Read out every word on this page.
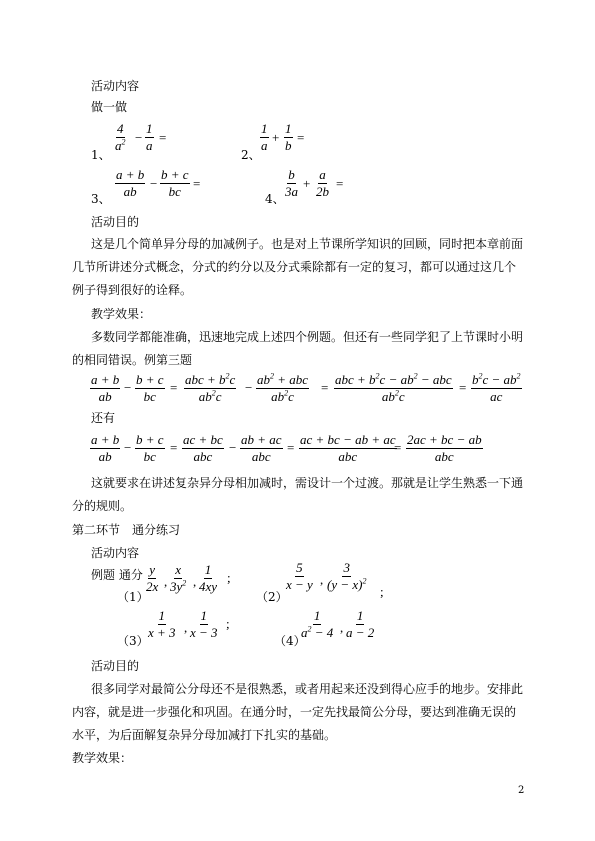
活动内容
做一做
1、
$\frac{4}{a^2} - \frac{1}{a}$ =
2、
$\frac{1}{a} + \frac{1}{b}$ =
3、 $\frac{a + b}{ab} - \frac{b + c}{bc}$ =
4、 $\frac{b}{3a} + \frac{a}{2b}$ =
活动目的
这是几个简单异分母的加减例子。也是对上节课所学知识的回顾，同时把本章前面
几节所讲述分式概念，分式的约分以及分式乘除都有一定的复习，都可以通过这几个
例子得到很好的诠释。
教学效果：
多数同学都能准确，迅速地完成上述四个例题。但还有一些同学犯了上节课时小明
的相同错误。例第三题
$\frac{a + b}{ab} - \frac{b + c}{bc}$ =
abc + $b^2c$
$ab^2c$
−
$ab^2$ + abc
$ab^2c$
=
abc + $b^2c - ab^2$ − abc
$ab^2c$
= $\frac{b^2c - ab^2}{ac}$
还有
$\frac{a + b}{ab} - \frac{b + c}{bc}$ =
ac + bc
abc
−
ab + ac
abc
=
ac + bc − ab + ac
abc
=
2ac + bc − ab
abc
这就要求在讲述复杂异分母相加减时，需设计一个过渡。那就是让学生熟悉一下通
分的规则。
第二环节　通分练习
活动内容
例题 通分
（1）
$\frac{y}{2x}$ , $\frac{x}{3y^2}$ , $\frac{1}{4xy}$ ;
（2）
$\frac{5}{x - y}$ , $\frac{3}{(y - x)^2}$ ;
（3）
$\frac{1}{x + 3}$ , $\frac{1}{x - 3}$ ;
（4）
$\frac{1}{a^2 - 4}$ , $\frac{1}{a - 2}$
活动目的
很多同学对最简公分母还不是很熟悉，或者用起来还没到得心应手的地步。安排此
内容，就是进一步强化和巩固。在通分时，一定先找最简公分母，要达到准确无误的
水平，为后面解复杂异分母加减打下扎实的基础。
教学效果：
2
